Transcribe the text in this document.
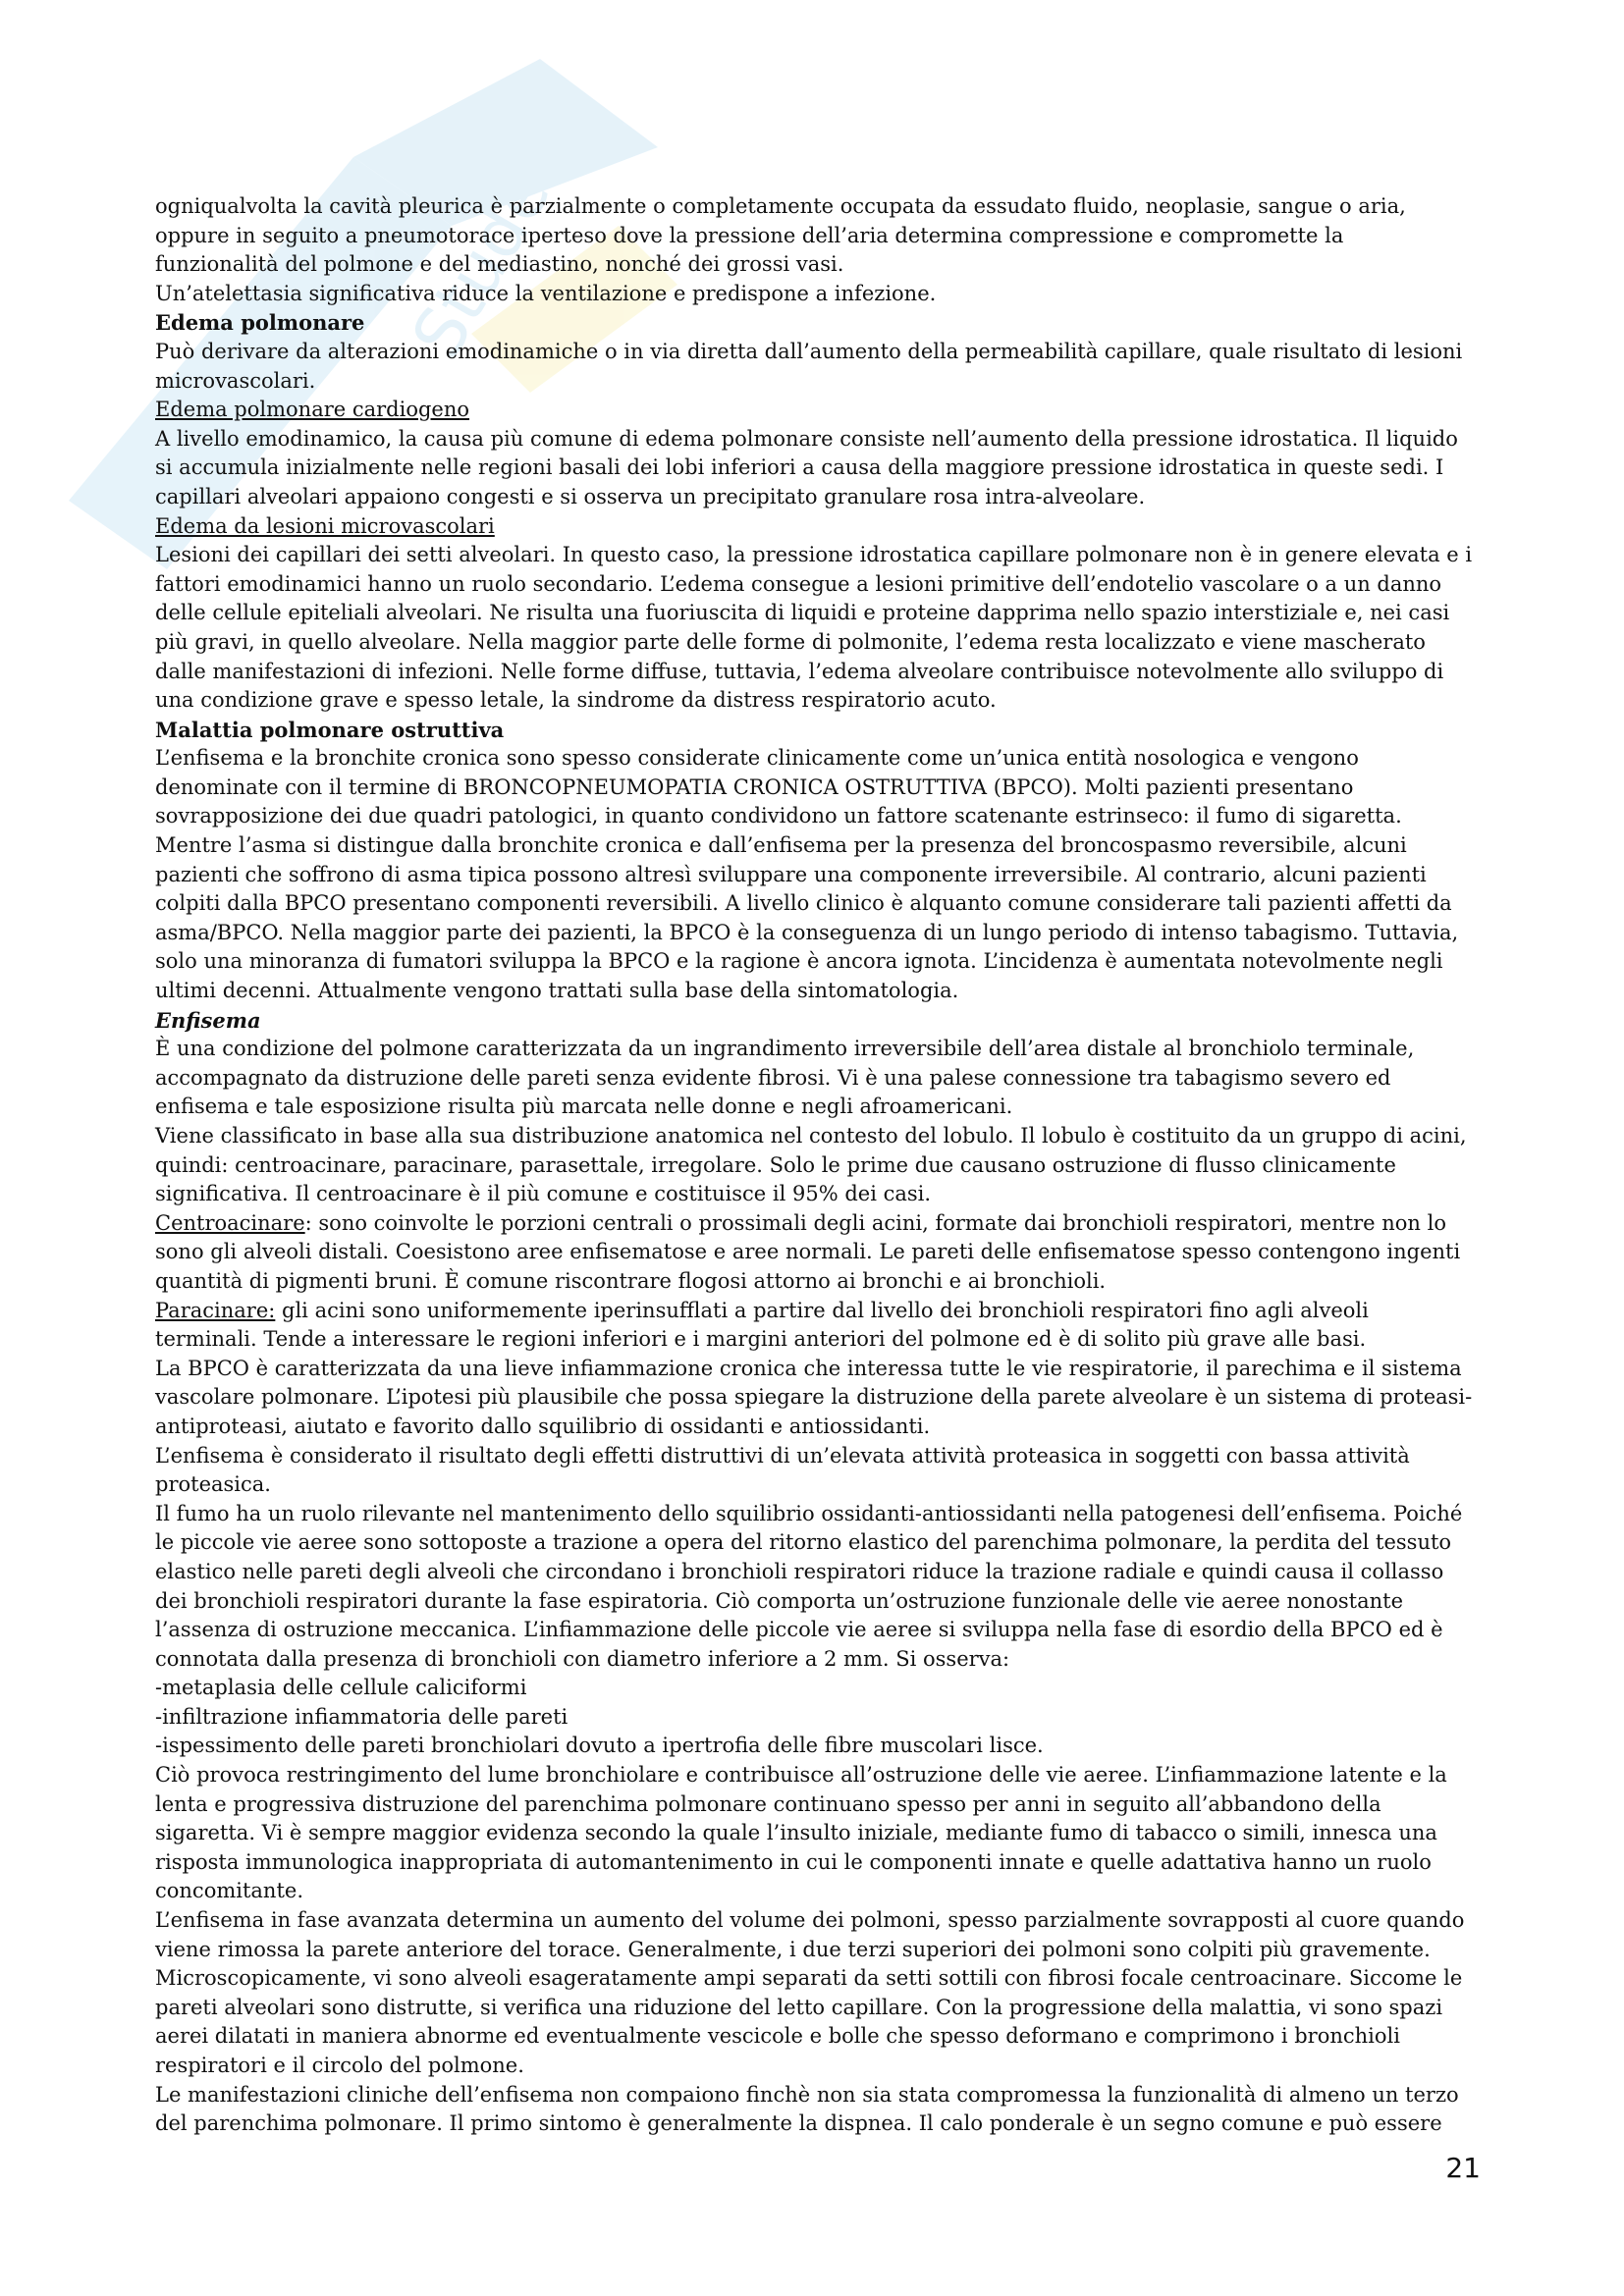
Student

ogniqualvolta la cavità pleurica è parzialmente o completamente occupata da essudato fluido, neoplasie, sangue o aria, oppure in seguito a pneumotorace iperteso dove la pressione dell’aria determina compressione e compromette la funzionalità del polmone e del mediastino, nonché dei grossi vasi.

Un’atelettasia significativa riduce la ventilazione e predispone a infezione.

Edema polmonare

Può derivare da alterazioni emodinamiche o in via diretta dall’aumento della permeabilità capillare, quale risultato di lesioni microvascolari.

Edema polmonare cardiogeno

A livello emodinamico, la causa più comune di edema polmonare consiste nell’aumento della pressione idrostatica. Il liquido si accumula inizialmente nelle regioni basali dei lobi inferiori a causa della maggiore pressione idrostatica in queste sedi. I capillari alveolari appaiono congesti e si osserva un precipitato granulare rosa intra-alveolare.

Edema da lesioni microvascolari

Lesioni dei capillari dei setti alveolari. In questo caso, la pressione idrostatica capillare polmonare non è in genere elevata e i fattori emodinamici hanno un ruolo secondario. L’edema consegue a lesioni primitive dell’endotelio vascolare o a un danno delle cellule epiteliali alveolari. Ne risulta una fuoriuscita di liquidi e proteine dapprima nello spazio interstiziale e, nei casi più gravi, in quello alveolare. Nella maggior parte delle forme di polmonite, l’edema resta localizzato e viene mascherato dalle manifestazioni di infezioni. Nelle forme diffuse, tuttavia, l’edema alveolare contribuisce notevolmente allo sviluppo di una condizione grave e spesso letale, la sindrome da distress respiratorio acuto.

Malattia polmonare ostruttiva

L’enfisema e la bronchite cronica sono spesso considerate clinicamente come un’unica entità nosologica e vengono denominate con il termine di BRONCOPNEUMOPATIA CRONICA OSTRUTTIVA (BPCO). Molti pazienti presentano sovrapposizione dei due quadri patologici, in quanto condividono un fattore scatenante estrinseco: il fumo di sigaretta. Mentre l’asma si distingue dalla bronchite cronica e dall’enfisema per la presenza del broncospasmo reversibile, alcuni pazienti che soffrono di asma tipica possono altresì sviluppare una componente irreversibile. Al contrario, alcuni pazienti colpiti dalla BPCO presentano componenti reversibili. A livello clinico è alquanto comune considerare tali pazienti affetti da asma/BPCO. Nella maggior parte dei pazienti, la BPCO è la conseguenza di un lungo periodo di intenso tabagismo. Tuttavia, solo una minoranza di fumatori sviluppa la BPCO e la ragione è ancora ignota. L’incidenza è aumentata notevolmente negli ultimi decenni. Attualmente vengono trattati sulla base della sintomatologia.

Enfisema

È una condizione del polmone caratterizzata da un ingrandimento irreversibile dell’area distale al bronchiolo terminale, accompagnato da distruzione delle pareti senza evidente fibrosi. Vi è una palese connessione tra tabagismo severo ed enfisema e tale esposizione risulta più marcata nelle donne e negli afroamericani.

Viene classificato in base alla sua distribuzione anatomica nel contesto del lobulo. Il lobulo è costituito da un gruppo di acini, quindi: centroacinare, paracinare, parasettale, irregolare. Solo le prime due causano ostruzione di flusso clinicamente significativa. Il centroacinare è il più comune e costituisce il 95% dei casi.

Centroacinare: sono coinvolte le porzioni centrali o prossimali degli acini, formate dai bronchioli respiratori, mentre non lo sono gli alveoli distali. Coesistono aree enfisematose e aree normali. Le pareti delle enfisematose spesso contengono ingenti quantità di pigmenti bruni. È comune riscontrare flogosi attorno ai bronchi e ai bronchioli.

Paracinare: gli acini sono uniformemente iperinsufflati a partire dal livello dei bronchioli respiratori fino agli alveoli terminali. Tende a interessare le regioni inferiori e i margini anteriori del polmone ed è di solito più grave alle basi.

La BPCO è caratterizzata da una lieve infiammazione cronica che interessa tutte le vie respiratorie, il parechima e il sistema vascolare polmonare. L’ipotesi più plausibile che possa spiegare la distruzione della parete alveolare è un sistema di proteasi-antiproteasi, aiutato e favorito dallo squilibrio di ossidanti e antiossidanti.

L’enfisema è considerato il risultato degli effetti distruttivi di un’elevata attività proteasica in soggetti con bassa attività proteasica.

Il fumo ha un ruolo rilevante nel mantenimento dello squilibrio ossidanti-antiossidanti nella patogenesi dell’enfisema. Poiché le piccole vie aeree sono sottoposte a trazione a opera del ritorno elastico del parenchima polmonare, la perdita del tessuto elastico nelle pareti degli alveoli che circondano i bronchioli respiratori riduce la trazione radiale e quindi causa il collasso dei bronchioli respiratori durante la fase espiratoria. Ciò comporta un’ostruzione funzionale delle vie aeree nonostante l’assenza di ostruzione meccanica. L’infiammazione delle piccole vie aeree si sviluppa nella fase di esordio della BPCO ed è connotata dalla presenza di bronchioli con diametro inferiore a 2 mm. Si osserva:

-metaplasia delle cellule caliciformi

-infiltrazione infiammatoria delle pareti

-ispessimento delle pareti bronchiolari dovuto a ipertrofia delle fibre muscolari lisce.

Ciò provoca restringimento del lume bronchiolare e contribuisce all’ostruzione delle vie aeree. L’infiammazione latente e la lenta e progressiva distruzione del parenchima polmonare continuano spesso per anni in seguito all’abbandono della sigaretta. Vi è sempre maggior evidenza secondo la quale l’insulto iniziale, mediante fumo di tabacco o simili, innesca una risposta immunologica inappropriata di automantenimento in cui le componenti innate e quelle adattativa hanno un ruolo concomitante.

L’enfisema in fase avanzata determina un aumento del volume dei polmoni, spesso parzialmente sovrapposti al cuore quando viene rimossa la parete anteriore del torace. Generalmente, i due terzi superiori dei polmoni sono colpiti più gravemente. Microscopicamente, vi sono alveoli esageratamente ampi separati da setti sottili con fibrosi focale centroacinare. Siccome le pareti alveolari sono distrutte, si verifica una riduzione del letto capillare. Con la progressione della malattia, vi sono spazi aerei dilatati in maniera abnorme ed eventualmente vescicole e bolle che spesso deformano e comprimono i bronchioli respiratori e il circolo del polmone.

Le manifestazioni cliniche dell’enfisema non compaiono finchè non sia stata compromessa la funzionalità di almeno un terzo del parenchima polmonare. Il primo sintomo è generalmente la dispnea. Il calo ponderale è un segno comune e può essere

21
